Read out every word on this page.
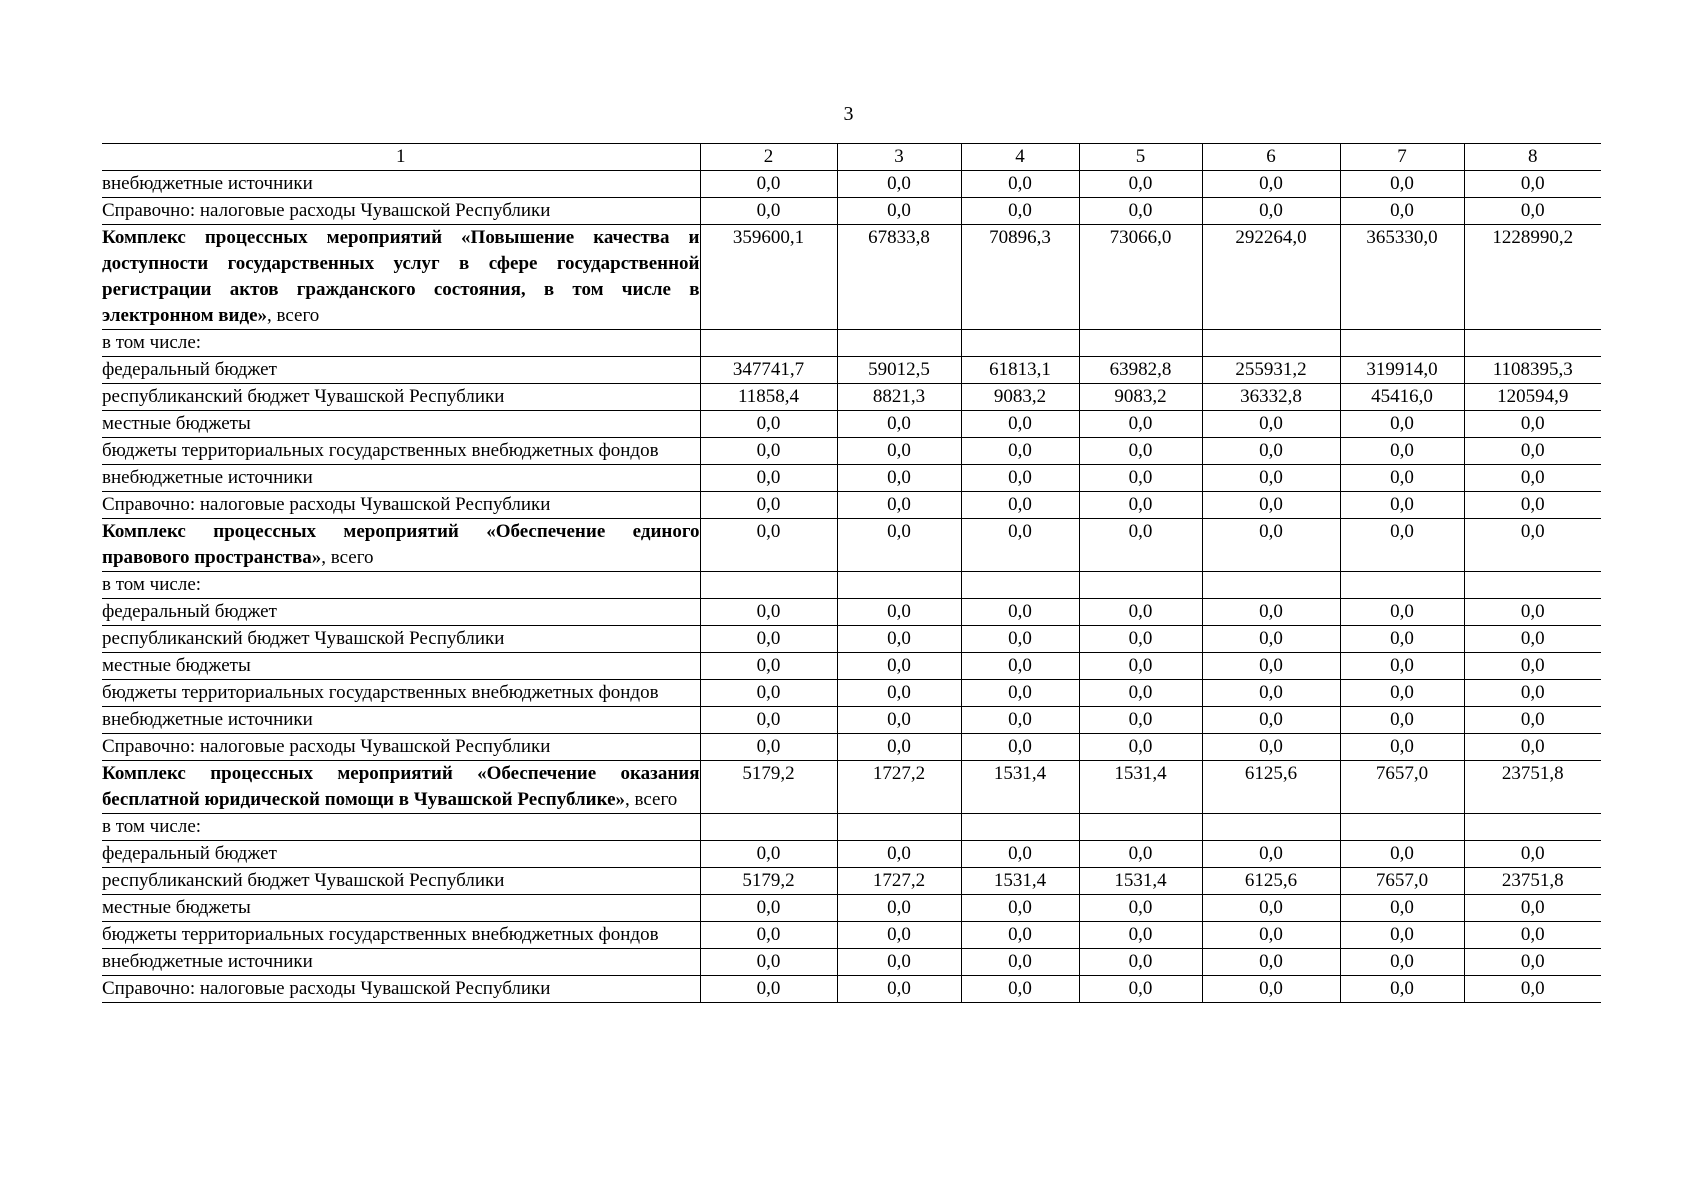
3
1	2	3	4	5	6	7	8
внебюджетные источники	0,0	0,0	0,0	0,0	0,0	0,0	0,0
Справочно: налоговые расходы Чувашской Республики	0,0	0,0	0,0	0,0	0,0	0,0	0,0
Комплекс процессных мероприятий «Повышение качества и доступности государственных услуг в сфере государственной регистрации актов гражданского состояния, в том числе в электронном виде», всего	359600,1	67833,8	70896,3	73066,0	292264,0	365330,0	1228990,2
в том числе:							
федеральный бюджет	347741,7	59012,5	61813,1	63982,8	255931,2	319914,0	1108395,3
республиканский бюджет Чувашской Республики	11858,4	8821,3	9083,2	9083,2	36332,8	45416,0	120594,9
местные бюджеты	0,0	0,0	0,0	0,0	0,0	0,0	0,0
бюджеты территориальных государственных внебюджетных фондов	0,0	0,0	0,0	0,0	0,0	0,0	0,0
внебюджетные источники	0,0	0,0	0,0	0,0	0,0	0,0	0,0
Справочно: налоговые расходы Чувашской Республики	0,0	0,0	0,0	0,0	0,0	0,0	0,0
Комплекс процессных мероприятий «Обеспечение единого правового пространства», всего	0,0	0,0	0,0	0,0	0,0	0,0	0,0
в том числе:							
федеральный бюджет	0,0	0,0	0,0	0,0	0,0	0,0	0,0
республиканский бюджет Чувашской Республики	0,0	0,0	0,0	0,0	0,0	0,0	0,0
местные бюджеты	0,0	0,0	0,0	0,0	0,0	0,0	0,0
бюджеты территориальных государственных внебюджетных фондов	0,0	0,0	0,0	0,0	0,0	0,0	0,0
внебюджетные источники	0,0	0,0	0,0	0,0	0,0	0,0	0,0
Справочно: налоговые расходы Чувашской Республики	0,0	0,0	0,0	0,0	0,0	0,0	0,0
Комплекс процессных мероприятий «Обеспечение оказания бесплатной юридической помощи в Чувашской Республике», всего	5179,2	1727,2	1531,4	1531,4	6125,6	7657,0	23751,8
в том числе:							
федеральный бюджет	0,0	0,0	0,0	0,0	0,0	0,0	0,0
республиканский бюджет Чувашской Республики	5179,2	1727,2	1531,4	1531,4	6125,6	7657,0	23751,8
местные бюджеты	0,0	0,0	0,0	0,0	0,0	0,0	0,0
бюджеты территориальных государственных внебюджетных фондов	0,0	0,0	0,0	0,0	0,0	0,0	0,0
внебюджетные источники	0,0	0,0	0,0	0,0	0,0	0,0	0,0
Справочно: налоговые расходы Чувашской Республики	0,0	0,0	0,0	0,0	0,0	0,0	0,0
